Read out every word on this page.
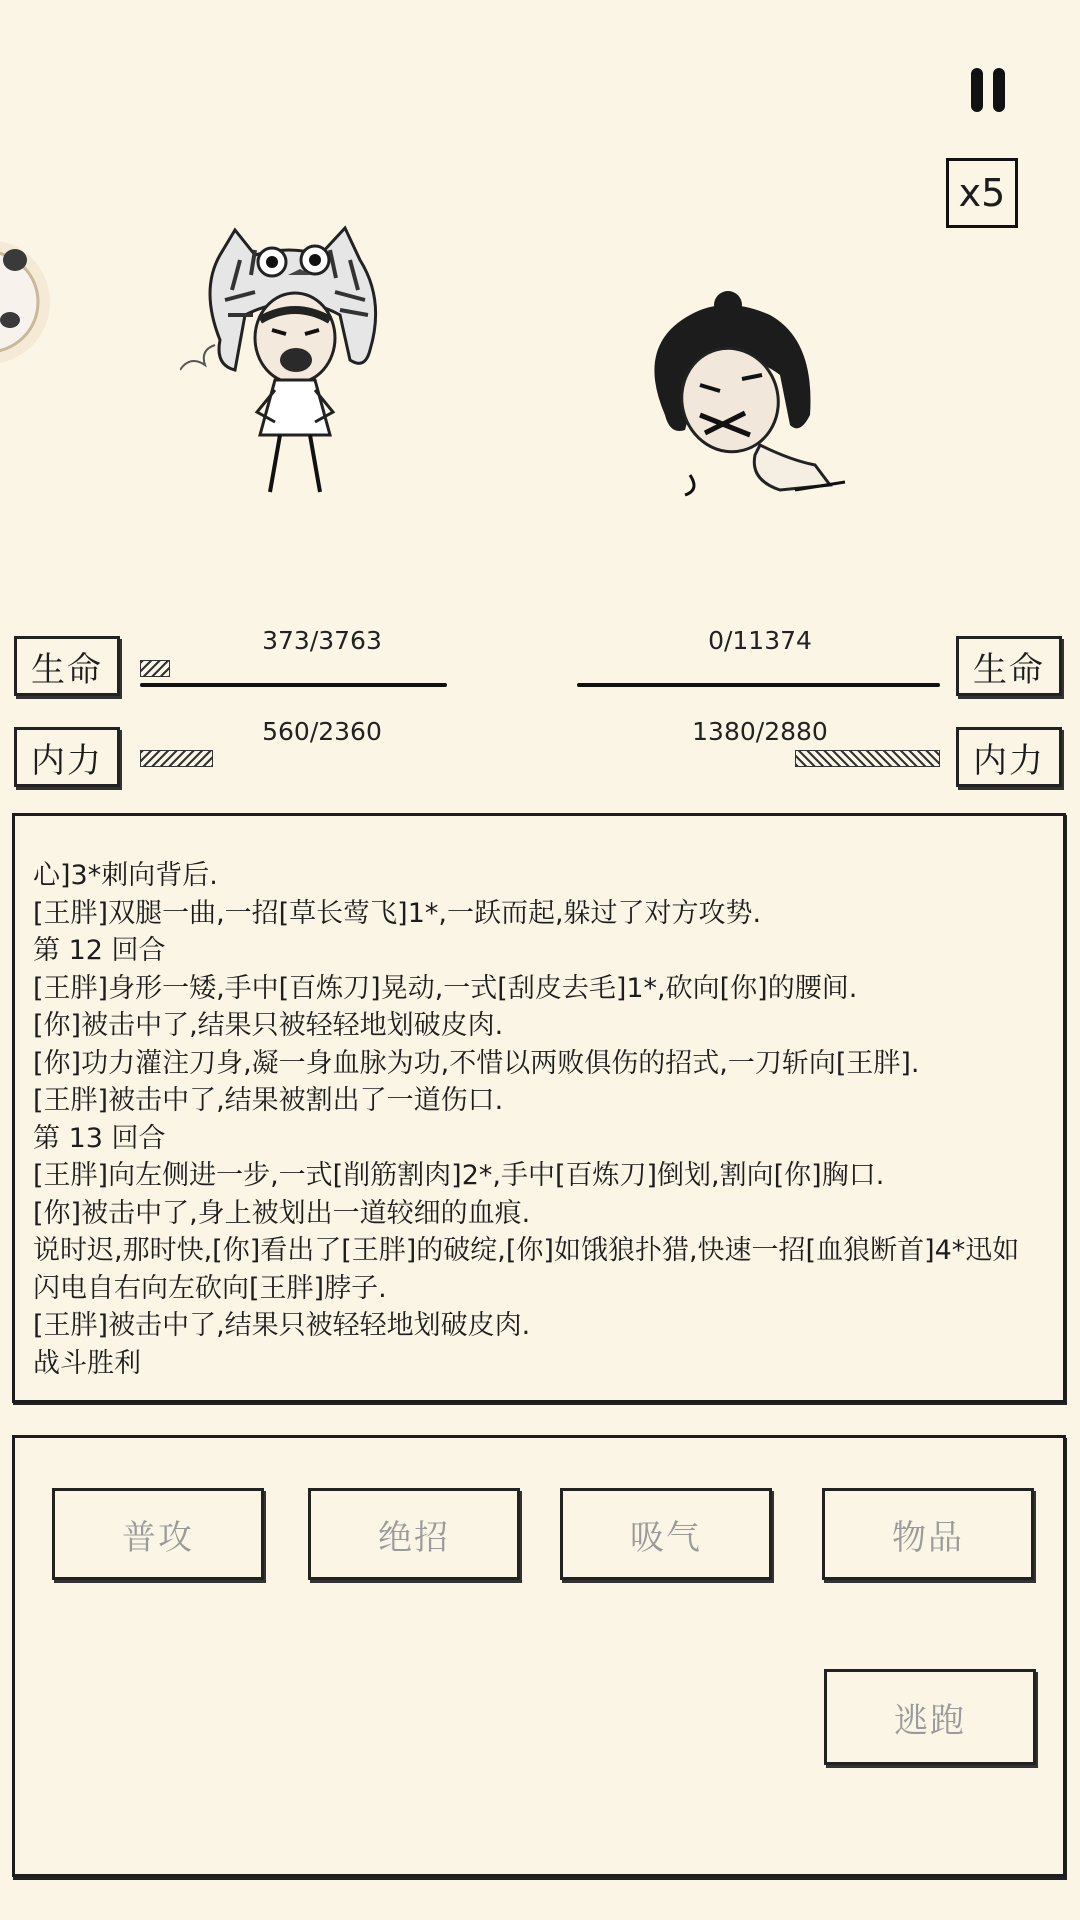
x5
生命
373/3763
内力
560/2360
生命
0/11374
内力
1380/2880
心]3*刺向背后.
[王胖]双腿一曲,一招[草长莺飞]1*,一跃而起,躲过了对方攻势.
第 12 回合
[王胖]身形一矮,手中[百炼刀]晃动,一式[刮皮去毛]1*,砍向[你]的腰间.
[你]被击中了,结果只被轻轻地划破皮肉.
[你]功力灌注刀身,凝一身血脉为功,不惜以两败俱伤的招式,一刀斩向[王胖].
[王胖]被击中了,结果被割出了一道伤口.
第 13 回合
[王胖]向左侧进一步,一式[削筋割肉]2*,手中[百炼刀]倒划,割向[你]胸口.
[你]被击中了,身上被划出一道较细的血痕.
说时迟,那时快,[你]看出了[王胖]的破绽,[你]如饿狼扑猎,快速一招[血狼断首]4*迅如闪电自右向左砍向[王胖]脖子.
[王胖]被击中了,结果只被轻轻地划破皮肉.
战斗胜利
普攻	绝招	吸气	物品
逃跑
